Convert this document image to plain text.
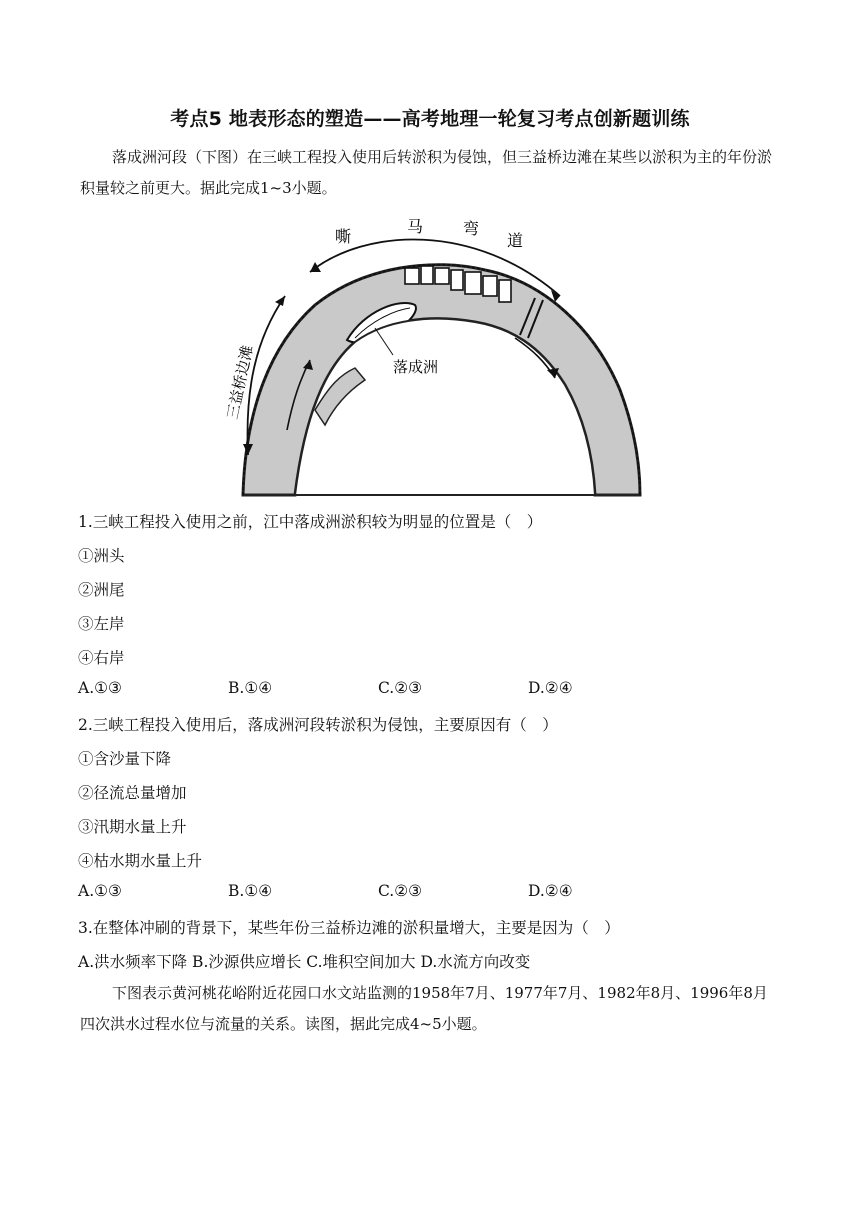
考点5 地表形态的塑造——高考地理一轮复习考点创新题训练
落成洲河段（下图）在三峡工程投入使用后转淤积为侵蚀，但三益桥边滩在某些以淤积为主的年份淤积量较之前更大。据此完成1~3小题。
嘶
马 弯
道
落成洲
三益桥边滩
1.三峡工程投入使用之前，江中落成洲淤积较为明显的位置是（　）
①洲头
②洲尾
③左岸
④右岸
A.①③	B.①④	C.②③	D.②④
2.三峡工程投入使用后，落成洲河段转淤积为侵蚀，主要原因有（　）
①含沙量下降
②径流总量增加
③汛期水量上升
④枯水期水量上升
A.①③	B.①④	C.②③	D.②④
3.在整体冲刷的背景下，某些年份三益桥边滩的淤积量增大，主要是因为（　）
A.洪水频率下降 B.沙源供应增长 C.堆积空间加大 D.水流方向改变
下图表示黄河桃花峪附近花园口水文站监测的1958年7月、1977年7月、1982年8月、1996年8月四次洪水过程水位与流量的关系。读图，据此完成4~5小题。
